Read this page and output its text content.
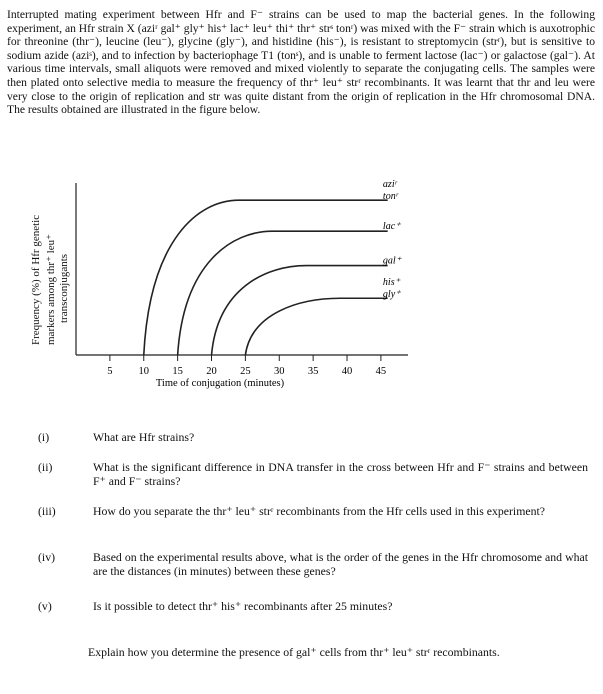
Interrupted mating experiment between Hfr and F⁻ strains can be used to map the bacterial genes. In the following experiment, an Hfr strain X (aziʳ gal⁺ gly⁺ his⁺ lac⁺ leu⁺ thi⁺ thr⁺ strˢ tonʳ) was mixed with the F⁻ strain which is auxotrophic for threonine (thr⁻), leucine (leu⁻), glycine (gly⁻), and histidine (his⁻), is resistant to streptomycin (strʳ), but is sensitive to sodium azide (aziˢ), and to infection by bacteriophage T1 (tonˢ), and is unable to ferment lactose (lac⁻) or galactose (gal⁻). At various time intervals, small aliquots were removed and mixed violently to separate the conjugating cells. The samples were then plated onto selective media to measure the frequency of thr⁺ leu⁺ strʳ recombinants. It was learnt that thr and leu were very close to the origin of replication and str was quite distant from the origin of replication in the Hfr chromosomal DNA. The results obtained are illustrated in the figure below.
5 10 15 20 25 30 35 40 45
Time of conjugation (minutes)
aziʳ
tonʳ
lac⁺
gal⁺
his⁺
gly⁺
Frequency (%) of Hfr genetic markers among thr⁺ leu⁺ transconjugants
(i)	What are Hfr strains?
(ii)	What is the significant difference in DNA transfer in the cross between Hfr and F⁻ strains and between F⁺ and F⁻ strains?
(iii)	How do you separate the thr⁺ leu⁺ strʳ recombinants from the Hfr cells used in this experiment?
(iv)	Based on the experimental results above, what is the order of the genes in the Hfr chromosome and what are the distances (in minutes) between these genes?
(v)	Is it possible to detect thr⁺ his⁺ recombinants after 25 minutes?
Explain how you determine the presence of gal⁺ cells from thr⁺ leu⁺ strʳ recombinants.
